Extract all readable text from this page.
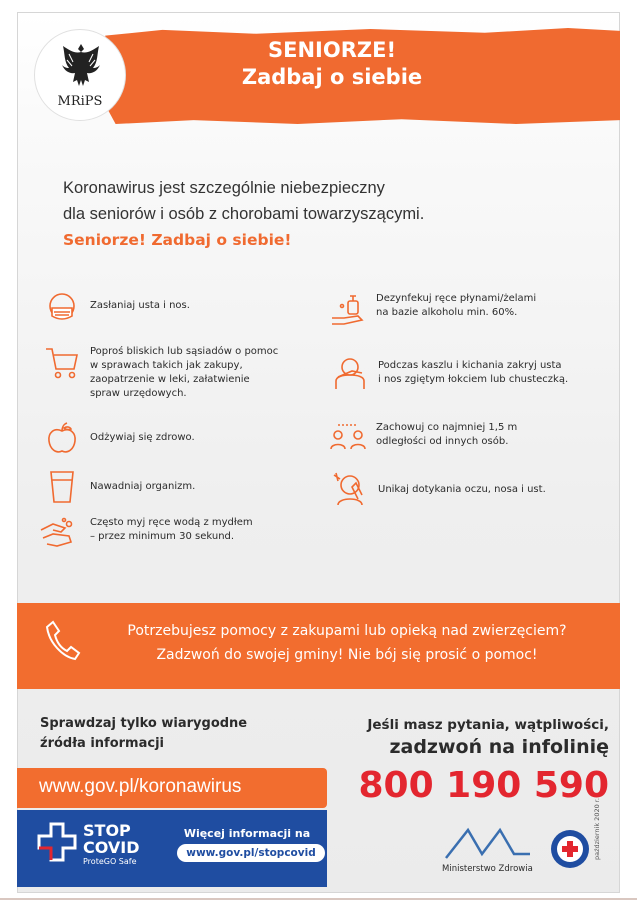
SENIORZE!
Zadbaj o siebie
MRiPS
Koronawirus jest szczególnie niebezpieczny
dla seniorów i osób z chorobami towarzyszącymi.
Seniorze! Zadbaj o siebie!
Zasłaniaj usta i nos.
Poproś bliskich lub sąsiadów o pomoc
w sprawach takich jak zakupy,
zaopatrzenie w leki, załatwienie
spraw urzędowych.
Odżywiaj się zdrowo.
Nawadniaj organizm.
Często myj ręce wodą z mydłem
– przez minimum 30 sekund.
Dezynfekuj ręce płynami/żelami
na bazie alkoholu min. 60%.
Podczas kaszlu i kichania zakryj usta
i nos zgiętym łokciem lub chusteczką.
Zachowuj co najmniej 1,5 m
odległości od innych osób.
Unikaj dotykania oczu, nosa i ust.
Potrzebujesz pomocy z zakupami lub opieką nad zwierzęciem?
Zadzwoń do swojej gminy! Nie bój się prosić o pomoc!
Sprawdzaj tylko wiarygodne
źródła informacji
www.gov.pl/koronawirus
STOP
COVID
ProteGO Safe
Więcej informacji na
www.gov.pl/stopcovid
Jeśli masz pytania, wątpliwości,
zadzwoń na infolinię
800 190 590
Ministerstwo Zdrowia
październik 2020 r.
